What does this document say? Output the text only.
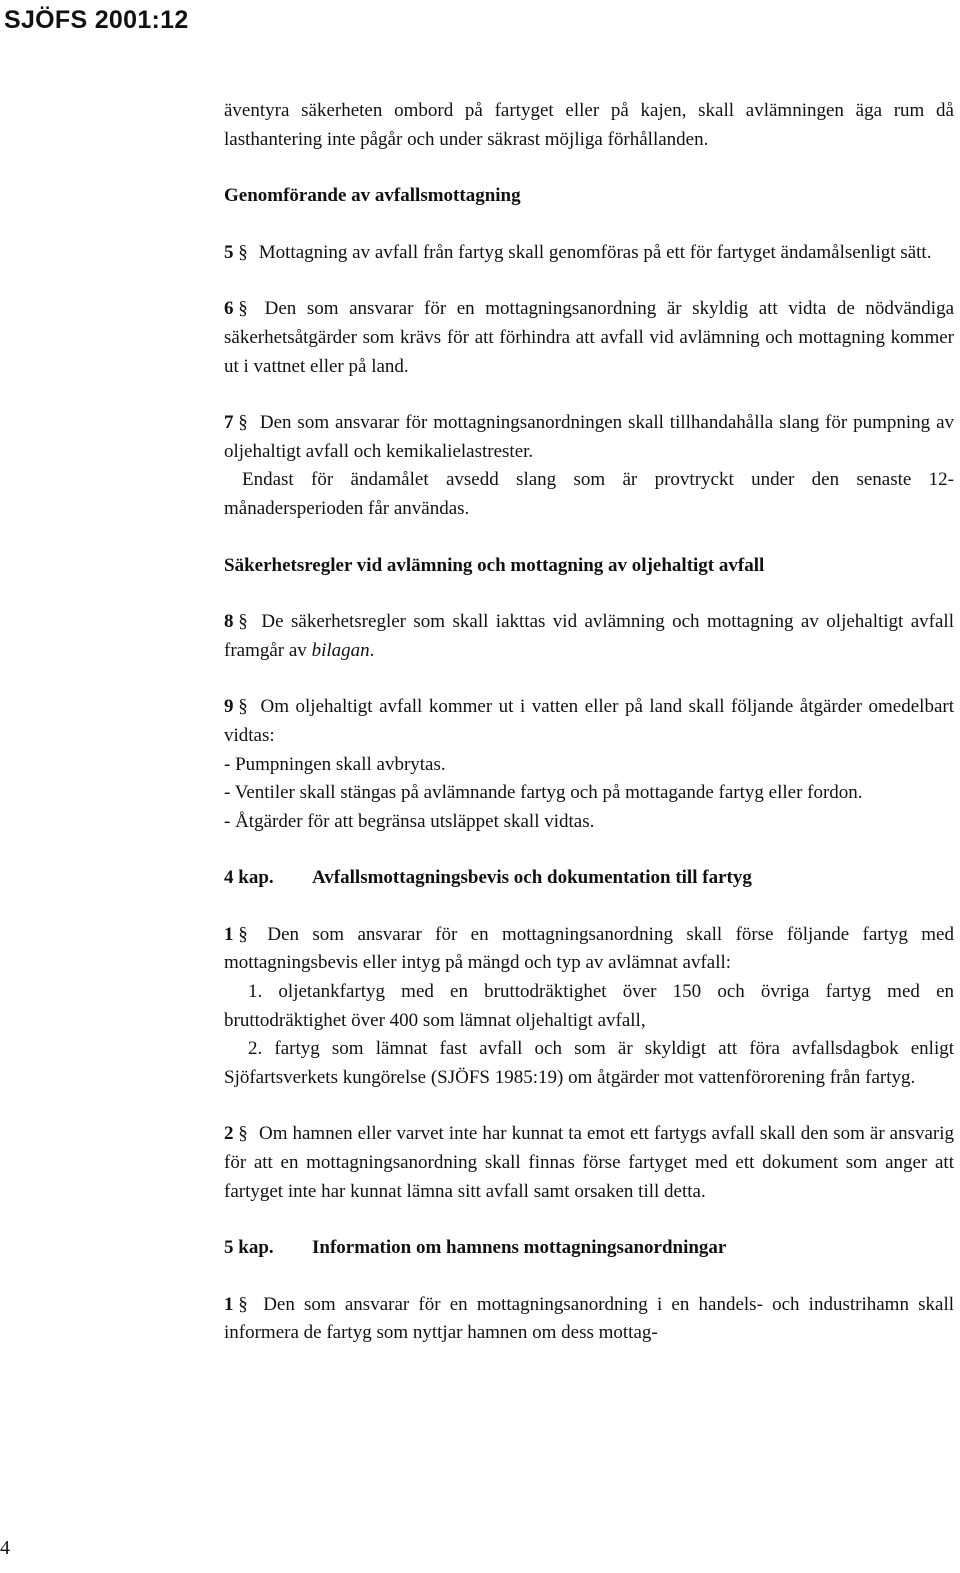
SJÖFS 2001:12

äventyra säkerheten ombord på fartyget eller på kajen, skall avlämningen äga rum då lasthantering inte pågår och under säkrast möjliga förhållanden.

Genomförande av avfallsmottagning

5 § Mottagning av avfall från fartyg skall genomföras på ett för fartyget ändamålsenligt sätt.

6 § Den som ansvarar för en mottagningsanordning är skyldig att vidta de nödvändiga säkerhetsåtgärder som krävs för att förhindra att avfall vid avlämning och mottagning kommer ut i vattnet eller på land.

7 § Den som ansvarar för mottagningsanordningen skall tillhandahålla slang för pumpning av oljehaltigt avfall och kemikalielastrester.

Endast för ändamålet avsedd slang som är provtryckt under den senaste 12-månadersperioden får användas.

Säkerhetsregler vid avlämning och mottagning av oljehaltigt avfall

8 § De säkerhetsregler som skall iakttas vid avlämning och mottagning av oljehaltigt avfall framgår av bilagan.

9 § Om oljehaltigt avfall kommer ut i vatten eller på land skall följande åtgärder omedelbart vidtas:

- Pumpningen skall avbrytas.

- Ventiler skall stängas på avlämnande fartyg och på mottagande fartyg eller fordon.

- Åtgärder för att begränsa utsläppet skall vidtas.

4 kap.	Avfallsmottagningsbevis och dokumentation till fartyg

1 § Den som ansvarar för en mottagningsanordning skall förse följande fartyg med mottagningsbevis eller intyg på mängd och typ av avlämnat avfall:

1. oljetankfartyg med en bruttodräktighet över 150 och övriga fartyg med en bruttodräktighet över 400 som lämnat oljehaltigt avfall,

2. fartyg som lämnat fast avfall och som är skyldigt att föra avfallsdagbok enligt Sjöfartsverkets kungörelse (SJÖFS 1985:19) om åtgärder mot vattenförorening från fartyg.

2 § Om hamnen eller varvet inte har kunnat ta emot ett fartygs avfall skall den som är ansvarig för att en mottagningsanordning skall finnas förse fartyget med ett dokument som anger att fartyget inte har kunnat lämna sitt avfall samt orsaken till detta.

5 kap.	Information om hamnens mottagningsanordningar

1 § Den som ansvarar för en mottagningsanordning i en handels- och industrihamn skall informera de fartyg som nyttjar hamnen om dess mottag-

4
